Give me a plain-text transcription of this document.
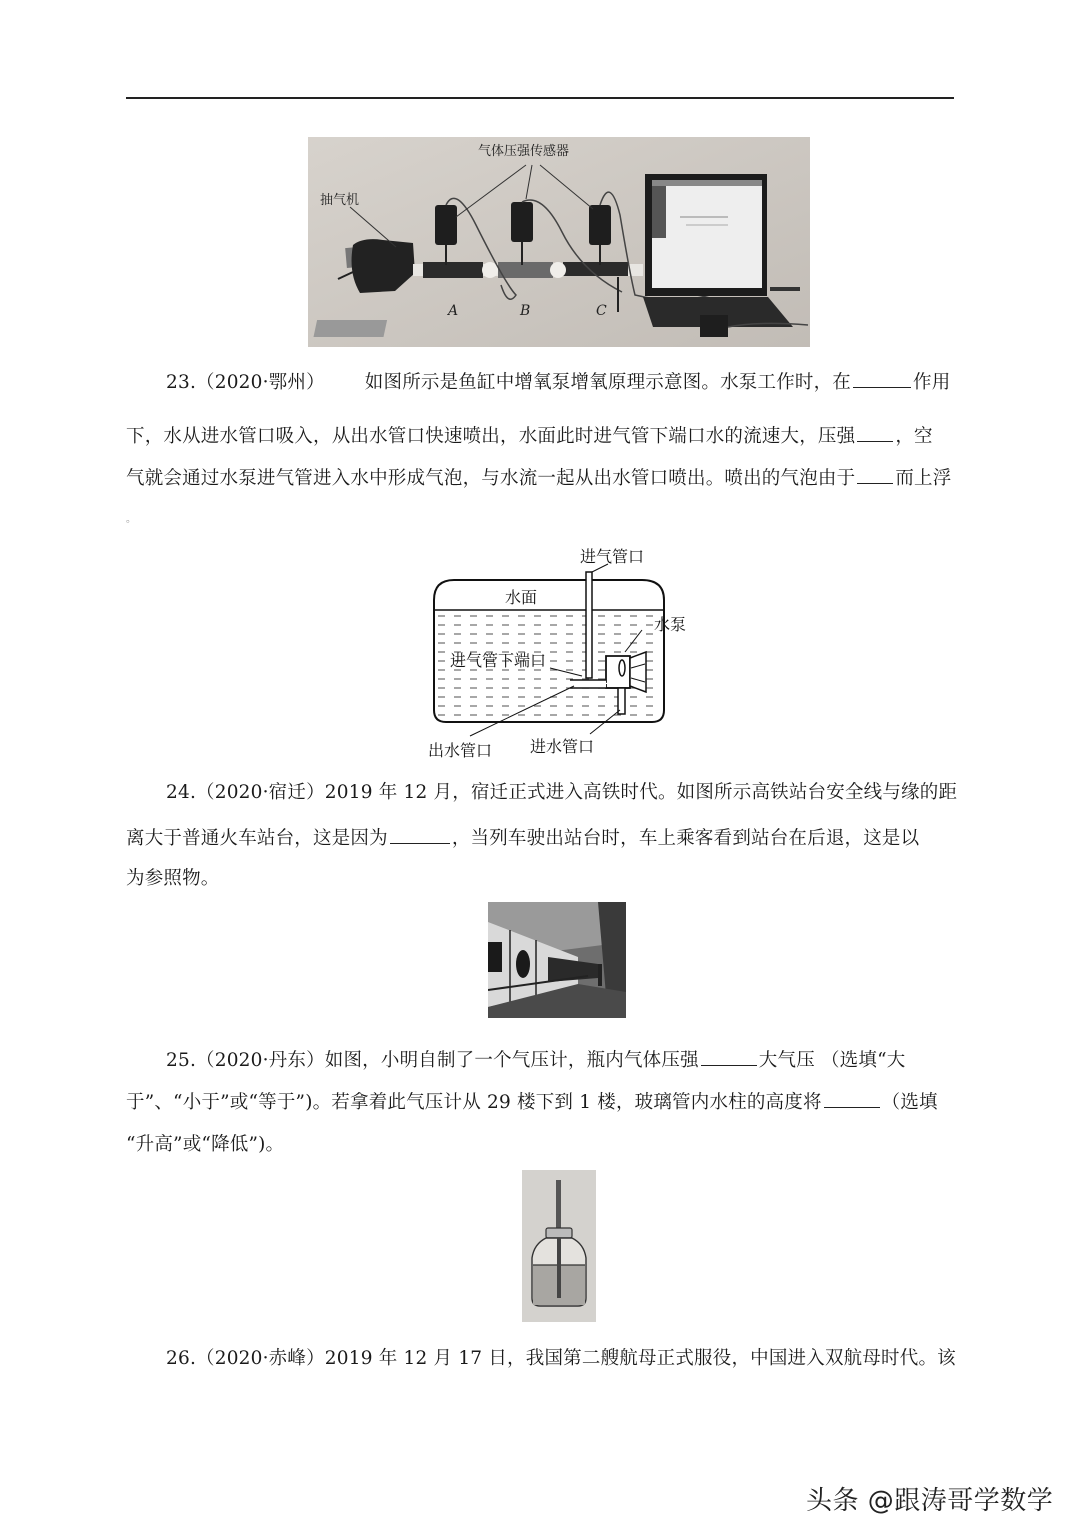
抽气机
气体压强传感器
A	B	C
23.（2020·鄂州） 如图所示是鱼缸中增氧泵增氧原理示意图。水泵工作时，在	作用
下，水从进水管口吸入，从出水管口快速喷出，水面此时进气管下端口水的流速大，压强 ，空
气就会通过水泵进气管进入水中形成气泡，与水流一起从出水管口喷出。喷出的气泡由于 而上浮
。
水面
进气管口
水泵
进气管下端口
出水管口 进水管口
24.（2020·宿迁）2019 年 12 月，宿迁正式进入高铁时代。如图所示高铁站台安全线与缘的距
离大于普通火车站台，这是因为	，当列车驶出站台时，车上乘客看到站台在后退，这是以
为参照物。
25.（2020·丹东）如图，小明自制了一个气压计，瓶内气体压强	大气压 （选填“大
于”、“小于”或“等于”)。若拿着此气压计从 29 楼下到 1 楼，玻璃管内水柱的高度将	（选填
“升高”或“降低”)。
26.（2020·赤峰）2019 年 12 月 17 日，我国第二艘航母正式服役，中国进入双航母时代。该
头条 @跟涛哥学数学
